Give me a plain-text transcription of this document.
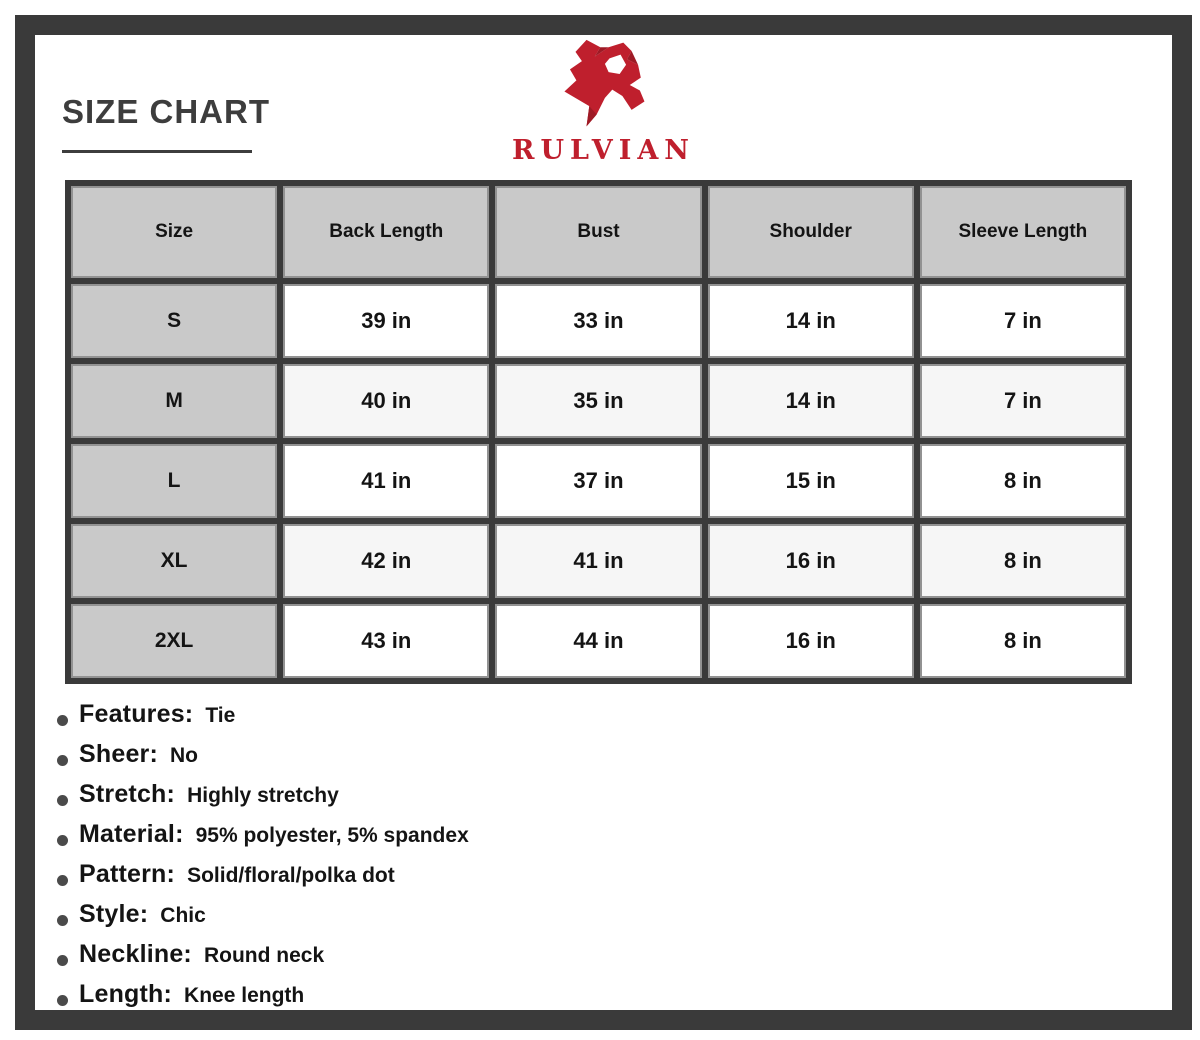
SIZE CHART
RULVIAN
Size	Back Length	Bust	Shoulder	Sleeve Length
S	39 in	33 in	14 in	7 in
M	40 in	35 in	14 in	7 in
L	41 in	37 in	15 in	8 in
XL	42 in	41 in	16 in	8 in
2XL	43 in	44 in	16 in	8 in
Features: Tie
Sheer: No
Stretch: Highly stretchy
Material: 95% polyester, 5% spandex
Pattern: Solid/floral/polka dot
Style: Chic
Neckline: Round neck
Length: Knee length
